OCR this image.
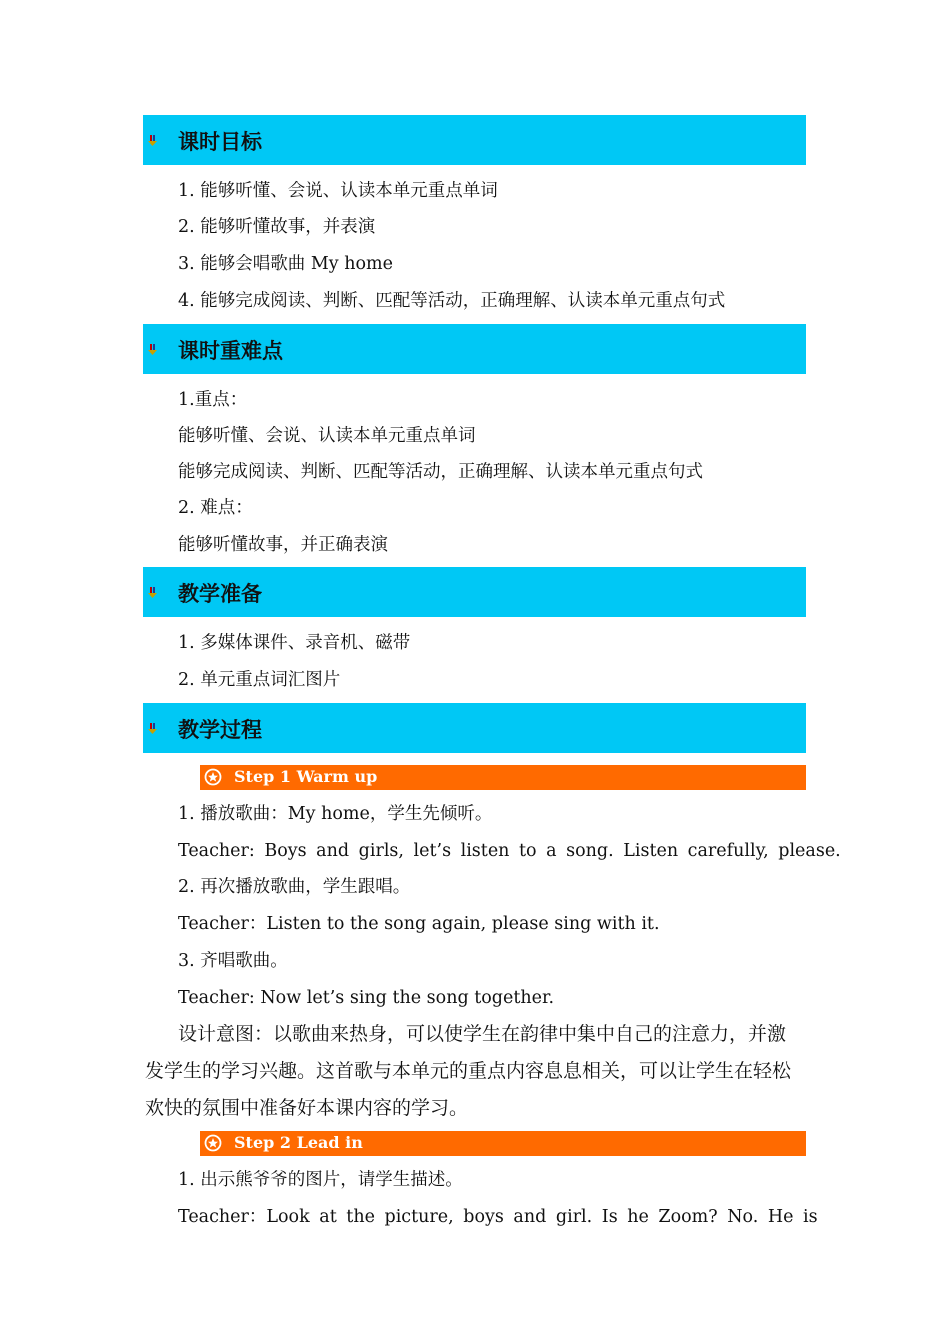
课时目标
1. 能够听懂、会说、认读本单元重点单词
2. 能够听懂故事，并表演
3. 能够会唱歌曲 My home
4. 能够完成阅读、判断、匹配等活动，正确理解、认读本单元重点句式
课时重难点
1.重点：
能够听懂、会说、认读本单元重点单词
能够完成阅读、判断、匹配等活动，正确理解、认读本单元重点句式
2. 难点：
能够听懂故事，并正确表演
教学准备
1. 多媒体课件、录音机、磁带
2. 单元重点词汇图片
教学过程
Step 1 Warm up
1. 播放歌曲：My home，学生先倾听。
Teacher: Boys and girls, let’s listen to a song. Listen carefully, please.
2. 再次播放歌曲，学生跟唱。
Teacher：Listen to the song again, please sing with it.
3. 齐唱歌曲。
Teacher: Now let’s sing the song together.
设计意图：以歌曲来热身，可以使学生在韵律中集中自己的注意力，并激
发学生的学习兴趣。这首歌与本单元的重点内容息息相关，可以让学生在轻松
欢快的氛围中准备好本课内容的学习。
Step 2 Lead in
1. 出示熊爷爷的图片，请学生描述。
Teacher：Look at the picture, boys and girl. Is he Zoom? No. He is
